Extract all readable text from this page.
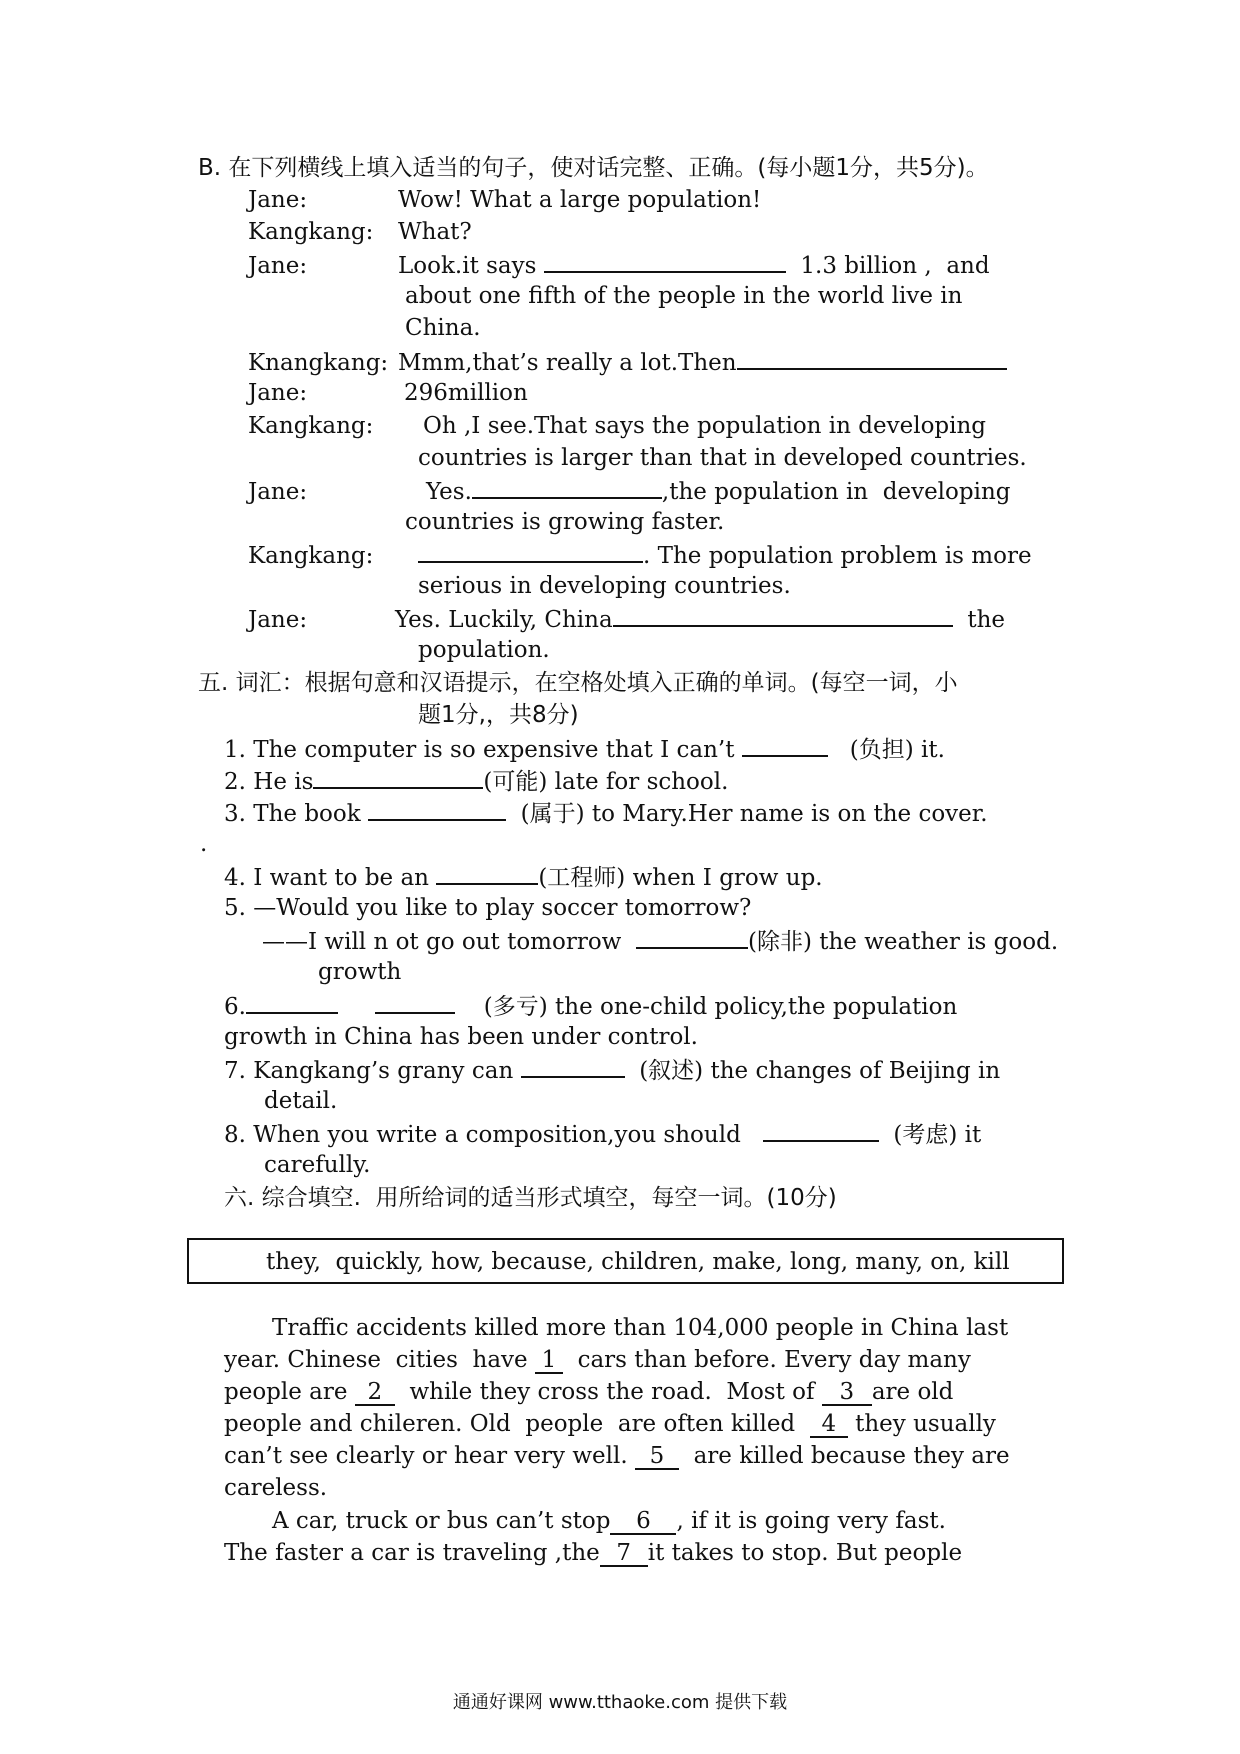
B. 在下列横线上填入适当的句子，使对话完整、正确。(每小题1分，共5分)。
Jane:	Wow! What a large population!
Kangkang: What?
Jane:	Look.it says	1.3 billion ,  and
about one fifth of the people in the world live in
China.
Knangkang: Mmm,that’s really a lot.Then
Jane:	296million
Kangkang: Oh ,I see.That says the population in developing
countries is larger than that in developed countries.
Jane:	Yes.	,the population in  developing
countries is growing faster.
Kangkang:	. The population problem is more
serious in developing countries.
Jane:	Yes. Luckily, China	the
population.
五. 词汇：根据句意和汉语提示，在空格处填入正确的单词。(每空一词，小
题1分,，共8分)
1. The computer is so expensive that I can’t	(负担) it.
2. He is	(可能) late for school.
3. The book	(属于) to Mary.Her name is on the cover.
.
4. I want to be an	(工程师) when I grow up.
5. —Would you like to play soccer tomorrow?
——I will n ot go out tomorrow	(除非) the weather is good.
growth
6.	(多亏) the one-child policy,the population
growth in China has been under control.
7. Kangkang’s grany can	(叙述) the changes of Beijing in
detail.
8. When you write a composition,you should	(考虑) it
carefully.
六. 综合填空.  用所给词的适当形式填空，每空一词。(10分)
they,  quickly, how, because, children, make, long, many, on, kill
Traffic accidents killed more than 104,000 people in China last
year. Chinese  cities  have 1 cars than before. Every day many
people are 2 while they cross the road.  Most of 3 are old
people and chileren. Old  people  are often killed 4 they usually
can’t see clearly or hear very well. 5 are killed because they are
careless.
A car, truck or bus can’t stop 6 , if it is going very fast.
The faster a car is traveling ,the 7 it takes to stop. But people
通通好课网 www.tthaoke.com 提供下载
